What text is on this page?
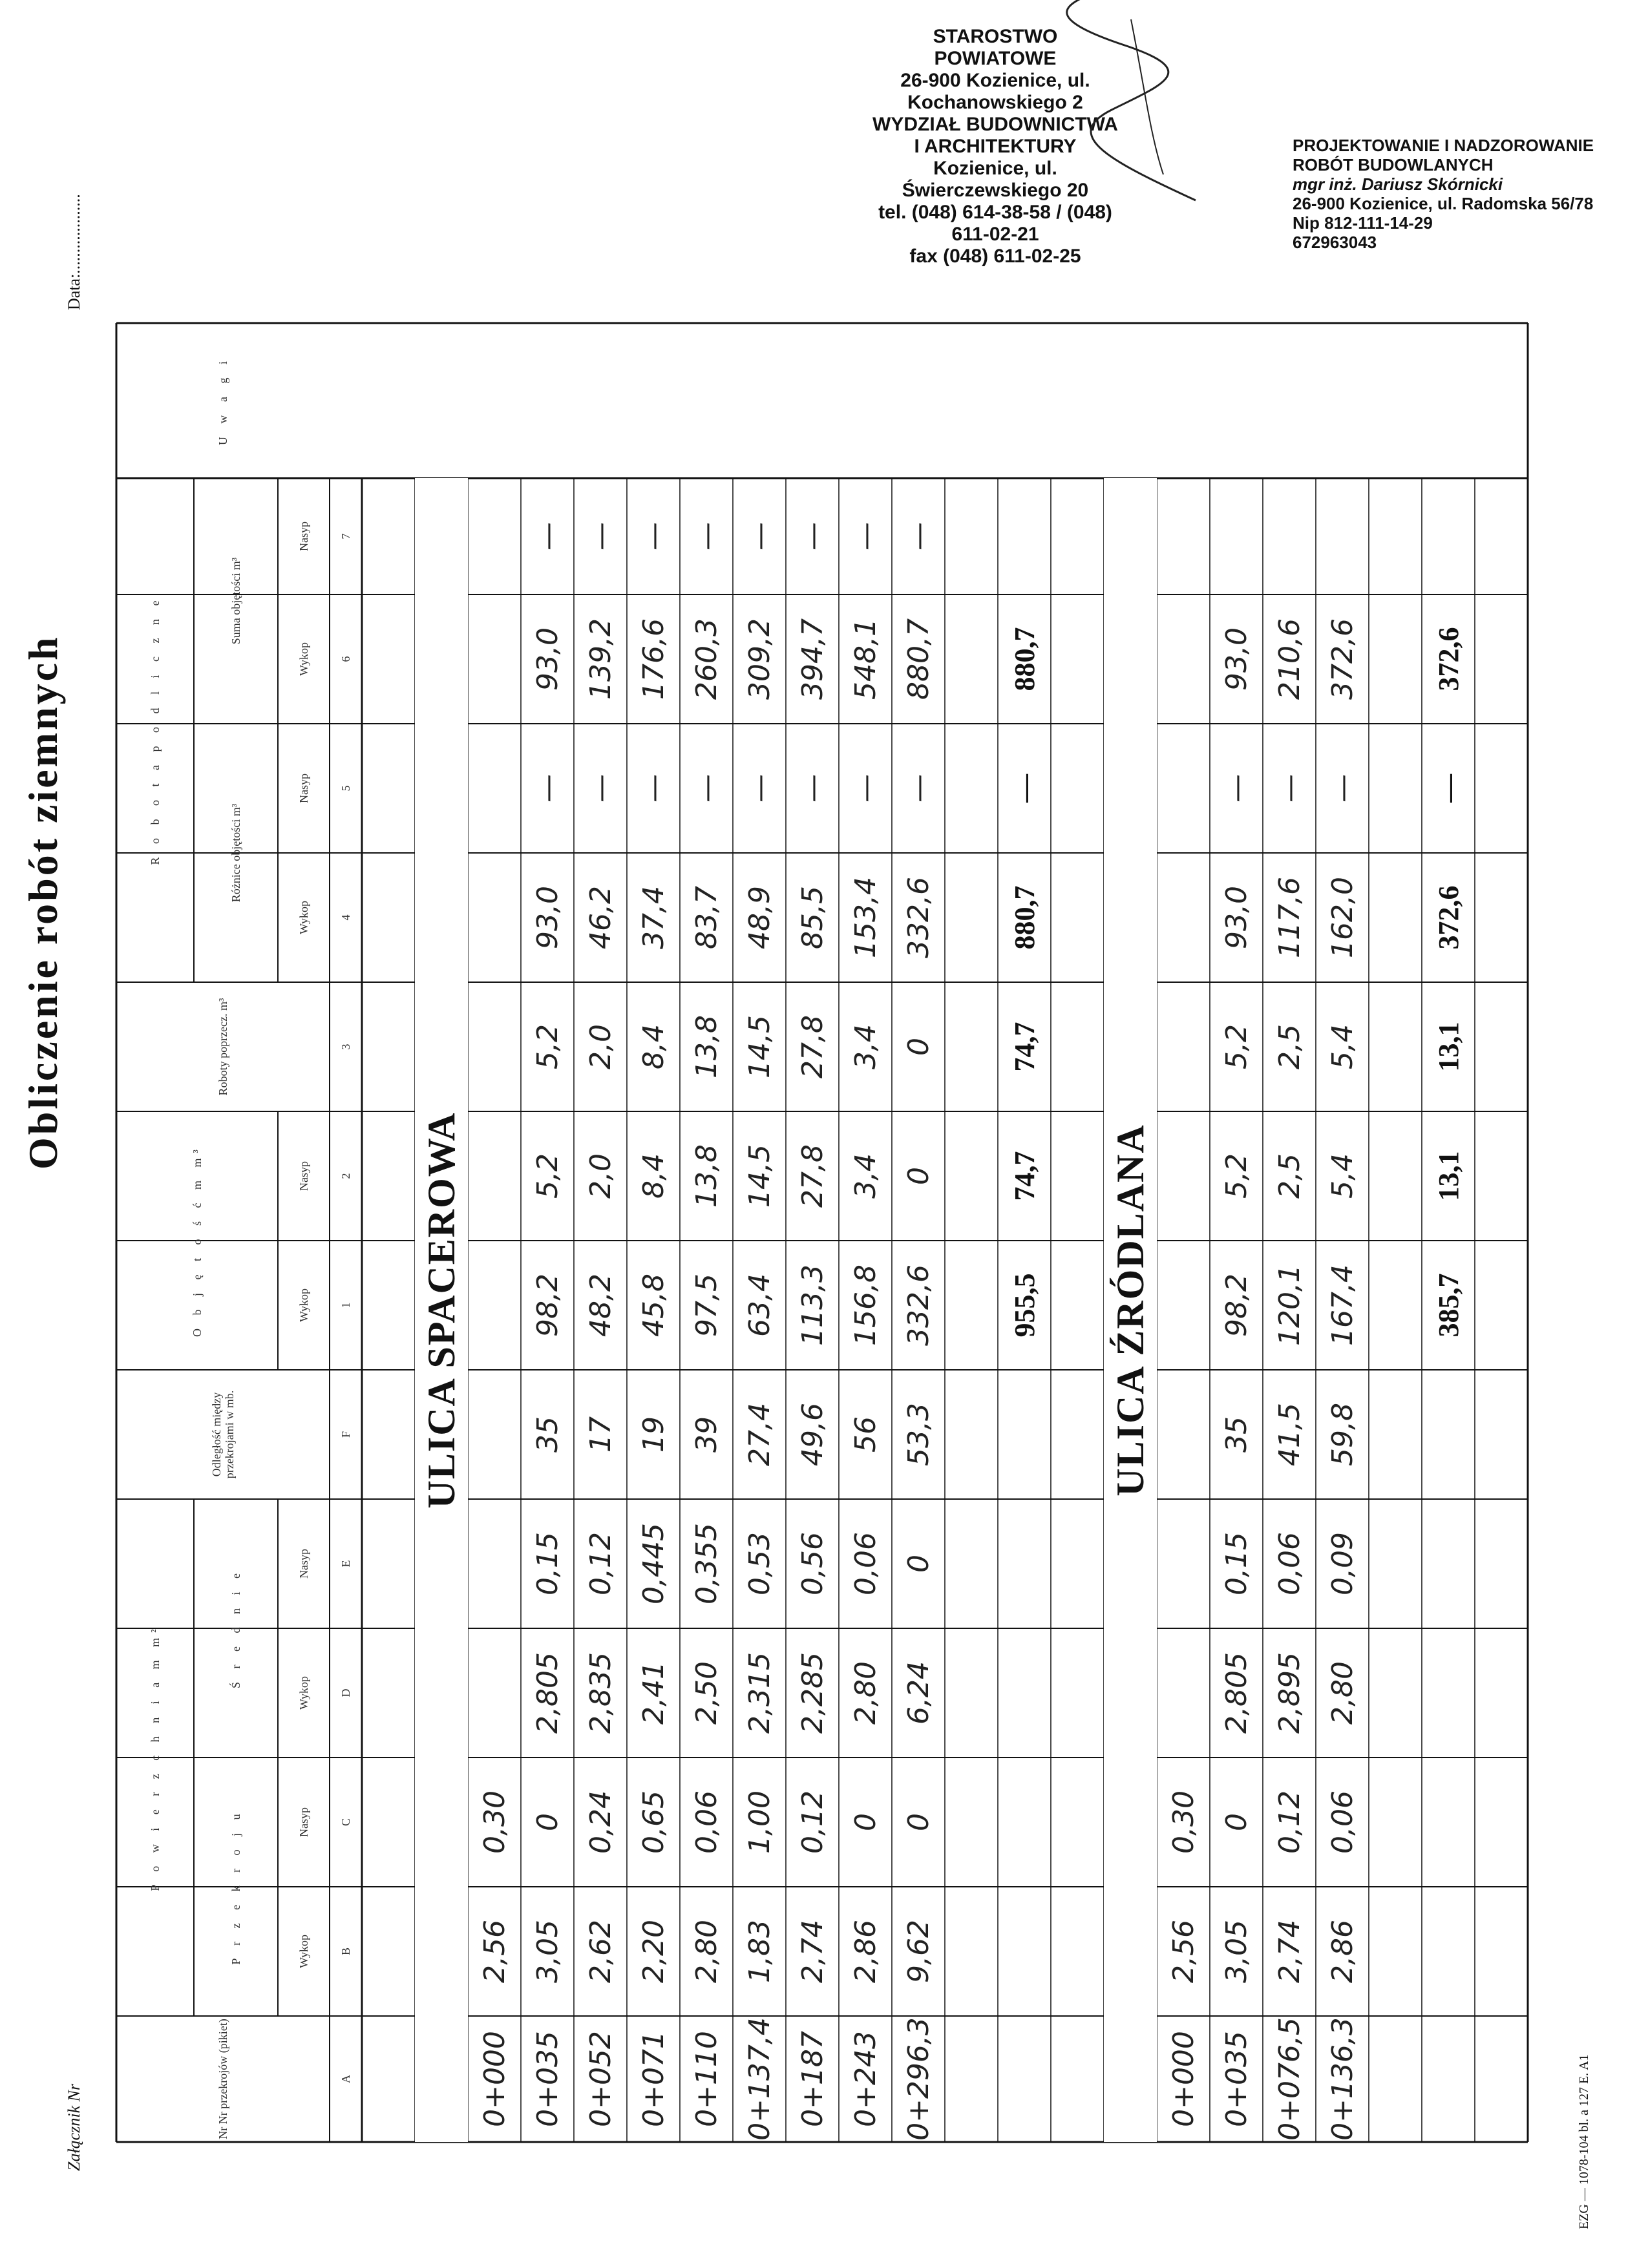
Obliczenie robót ziemnych
Załącznik Nr
Data:...................
EZG — 1078-104 bl. a 127 E. A1
STAROSTWO POWIATOWE
26-900 Kozienice, ul. Kochanowskiego 2
WYDZIAŁ BUDOWNICTWA
I ARCHITEKTURY
Kozienice, ul. Świerczewskiego 20
tel. (048) 614-38-58 / (048) 611-02-21
fax (048) 611-02-25
PROJEKTOWANIE I NADZOROWANIE
ROBÓT BUDOWLANYCH
mgr inż. Dariusz Skórnicki
26-900 Kozienice, ul. Radomska 56/78
Nip 812-111-14-29
672963043
Nr Nr przekrojów (pikiet)
P o w i e r z c h n i a m m²	P r z e k r o j u
Ś r e d n i e
Wykop
Nasyp
Wykop
Nasyp
Wykop
Nasyp
Wykop
Nasyp
Wykop
Nasyp
Odległość między przekrojami w mb.
O b j ę t o ś ć m m³
Roboty poprzecz. m³
R o b o t a p o d l i c z n e	Różnice objętości m³
Suma objętości m³
U w a g i
A
B
C
D
E
F
1
2
3
4
5
6
7
ULICA SPACEROWA
0+000
2,56
0,30
0+035
3,05
0
2,805
0,15
35
98,2
5,2
5,2
93,0
—
93,0
—
0+052
2,62
0,24
2,835
0,12
17
48,2
2,0
2,0
46,2
—
139,2
—
0+071
2,20
0,65
2,41
0,445
19
45,8
8,4
8,4
37,4
—
176,6
—
0+110
2,80
0,06
2,50
0,355
39
97,5
13,8
13,8
83,7
—
260,3
—
0+137,4
1,83
1,00
2,315
0,53
27,4
63,4
14,5
14,5
48,9
—
309,2
—
0+187
2,74
0,12
2,285
0,56
49,6
113,3
27,8
27,8
85,5
—
394,7
—
0+243
2,86
0
2,80
0,06
56
156,8
3,4
3,4
153,4
—
548,1
—
0+296,3
9,62
0
6,24
0
53,3
332,6
0
0
332,6
—
880,7
—
955,5
74,7
74,7
880,7
—
880,7
ULICA ŹRÓDLANA
0+000
2,56
0,30
0+035
3,05
0
2,805
0,15
35
98,2
5,2
5,2
93,0
—
93,0
0+076,5
2,74
0,12
2,895
0,06
41,5
120,1
2,5
2,5
117,6
—
210,6
0+136,3
2,86
0,06
2,80
0,09
59,8
167,4
5,4
5,4
162,0
—
372,6
385,7
13,1
13,1
372,6
—
372,6
